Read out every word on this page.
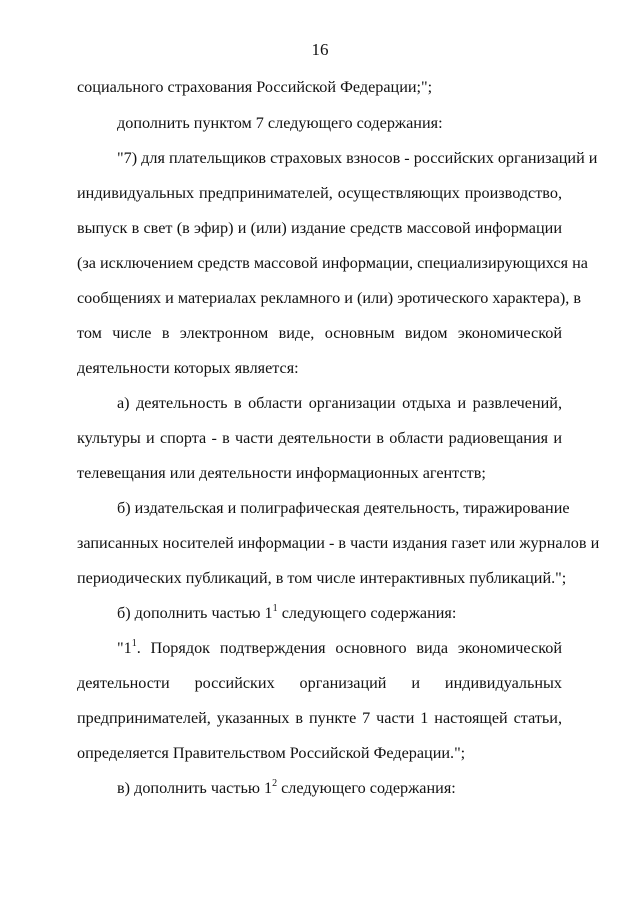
16
социального страхования Российской Федерации;";
дополнить пунктом 7 следующего содержания:
"7) для плательщиков страховых взносов - российских организаций и
индивидуальных предпринимателей, осуществляющих производство,
выпуск в свет (в эфир) и (или) издание средств массовой информации
(за исключением средств массовой информации, специализирующихся на
сообщениях и материалах рекламного и (или) эротического характера), в
том числе в электронном виде, основным видом экономической
деятельности которых является:
а) деятельность в области организации отдыха и развлечений,
культуры и спорта - в части деятельности в области радиовещания и
телевещания или деятельности информационных агентств;
б) издательская и полиграфическая деятельность, тиражирование
записанных носителей информации - в части издания газет или журналов и
периодических публикаций, в том числе интерактивных публикаций.";
б) дополнить частью $1^1$ следующего содержания:
"$1^1$. Порядок подтверждения основного вида экономической
деятельности российских организаций и индивидуальных
предпринимателей, указанных в пункте 7 части 1 настоящей статьи,
определяется Правительством Российской Федерации.";
в) дополнить частью $1^2$ следующего содержания:
